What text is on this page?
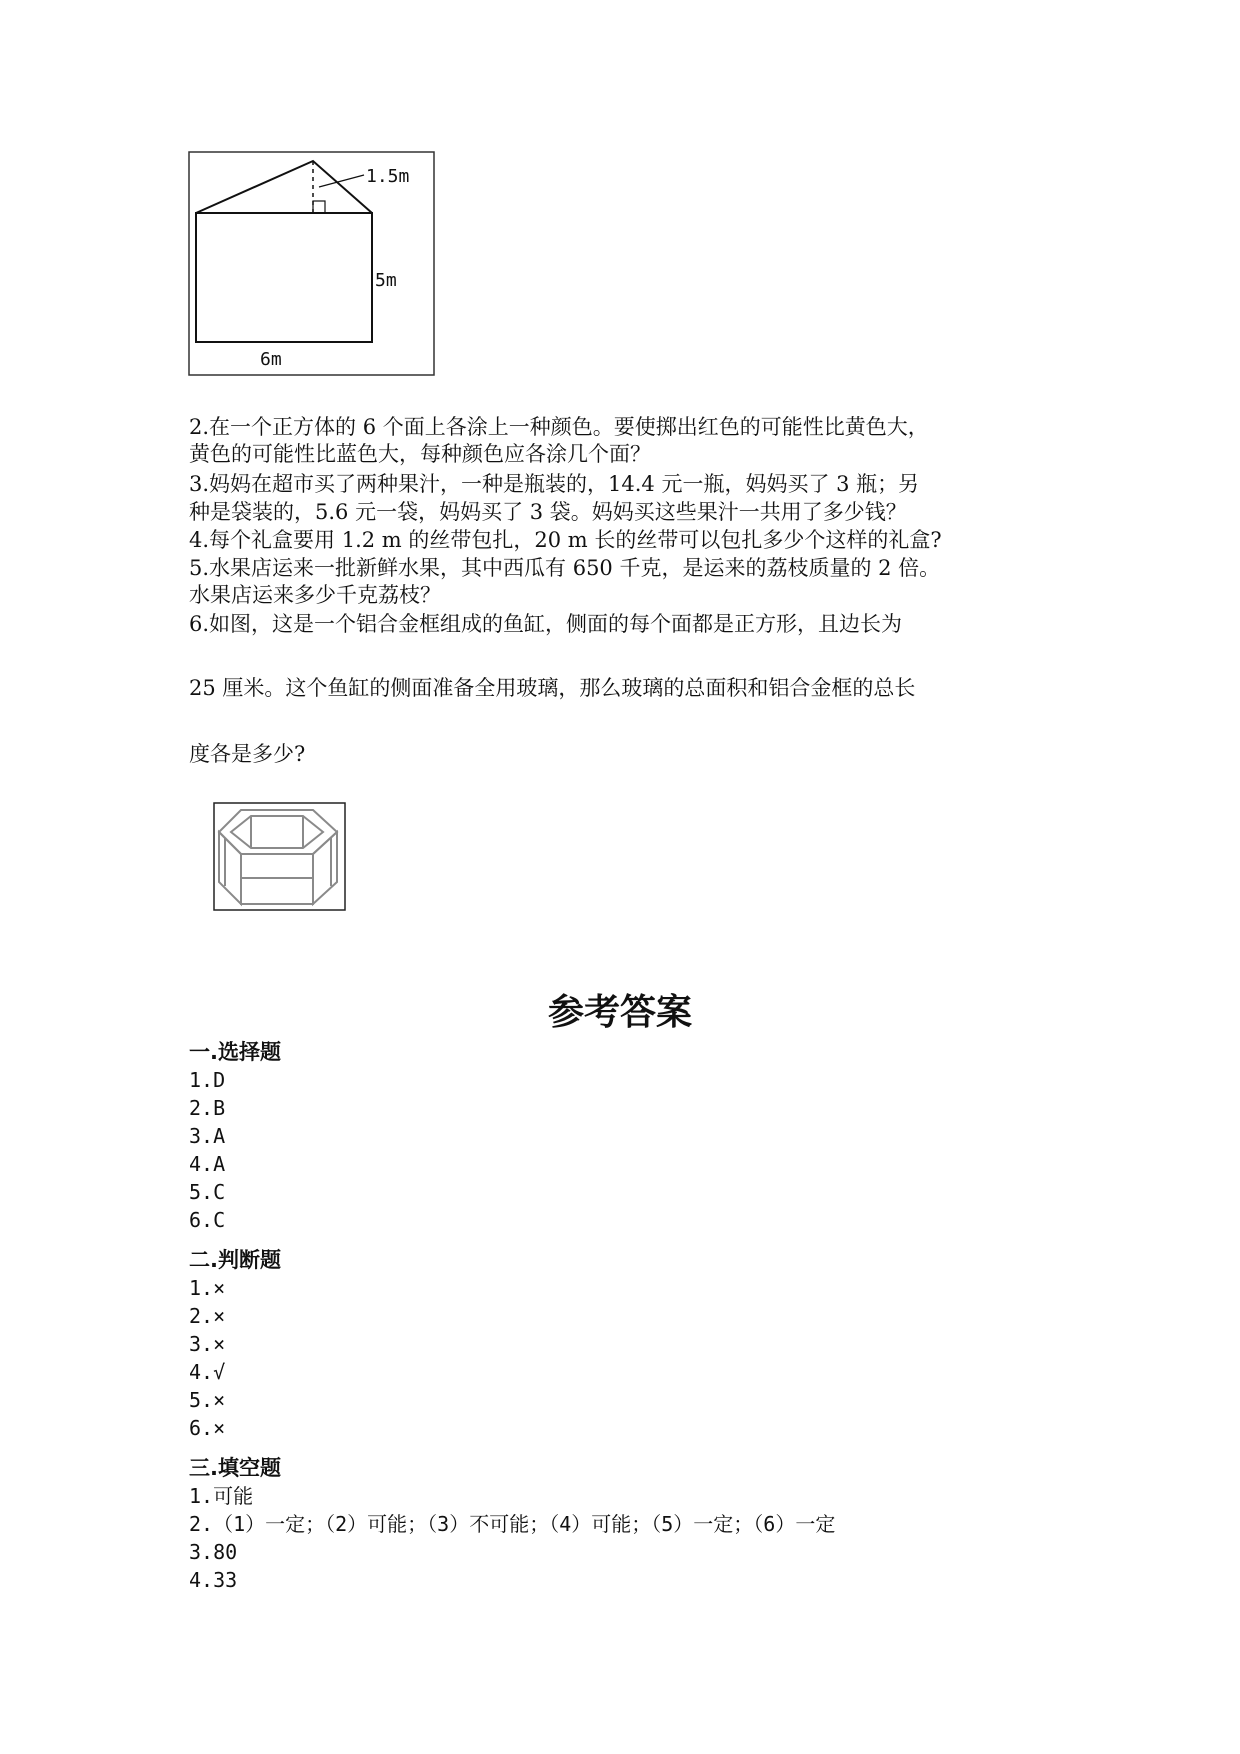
1.5m
5m
6m
2.在一个正方体的 6 个面上各涂上一种颜色。要使掷出红色的可能性比黄色大，
黄色的可能性比蓝色大，每种颜色应各涂几个面？
3.妈妈在超市买了两种果汁，一种是瓶装的，14.4 元一瓶，妈妈买了 3 瓶；另
种是袋装的，5.6 元一袋，妈妈买了 3 袋。妈妈买这些果汁一共用了多少钱？
4.每个礼盒要用 1.2 m 的丝带包扎，20 m 长的丝带可以包扎多少个这样的礼盒?
5.水果店运来一批新鲜水果，其中西瓜有 650 千克，是运来的荔枝质量的 2 倍。
水果店运来多少千克荔枝？
6.如图，这是一个铝合金框组成的鱼缸，侧面的每个面都是正方形，且边长为
25 厘米。这个鱼缸的侧面准备全用玻璃，那么玻璃的总面积和铝合金框的总长
度各是多少?
参考答案
一.选择题
1.D
2.B
3.A
4.A
5.C
6.C
二.判断题
1.×
2.×
3.×
4.√
5.×
6.×
三.填空题
1.可能
2.（1）一定；（2）可能；（3）不可能；（4）可能；（5）一定；（6）一定
3.80
4.33
